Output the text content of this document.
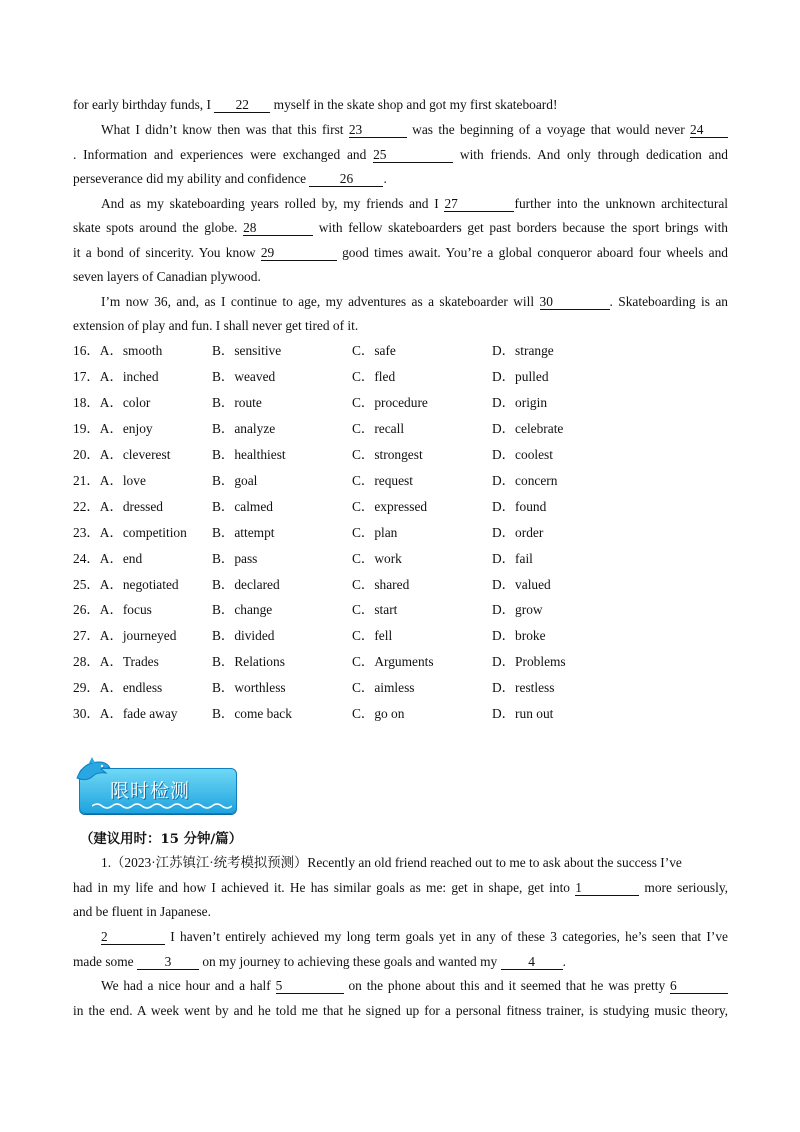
for early birthday funds, I 22 myself in the skate shop and got my first skateboard!
What I didn’t know then was that this first 23	was the beginning of a voyage that would never 24
. Information and experiences were exchanged and 25	with friends. And only through dedication and
perseverance did my ability and confidence 26 .
And as my skateboarding years rolled by, my friends and I 27	further into the unknown architectural
skate spots around the globe. 28	with fellow skateboarders get past borders because the sport brings with
it a bond of sincerity. You know 29	good times await. You’re a global conqueror aboard four wheels and
seven layers of Canadian plywood.
I’m now 36, and, as I continue to age, my adventures as a skateboarder will 30	. Skateboarding is an
extension of play and fun. I shall never get tired of it.
16．A．smooth	B．sensitive	C．safe	D．strange
17．A．inched	B．weaved	C．fled	D．pulled
18．A．color	B．route	C．procedure	D．origin
19．A．enjoy	B．analyze	C．recall	D．celebrate
20．A．cleverest	B．healthiest	C．strongest	D．coolest
21．A．love	B．goal	C．request	D．concern
22．A．dressed	B．calmed	C．expressed	D．found
23．A．competition B．attempt	C．plan	D．order
24．A．end	B．pass	C．work	D．fail
25．A．negotiated B．declared	C．shared	D．valued
26．A．focus	B．change	C．start	D．grow
27．A．journeyed	B．divided	C．fell	D．broke
28．A．Trades	B．Relations	C．Arguments	D．Problems
29．A．endless	B．worthless	C．aimless	D．restless
30．A．fade away	B．come back	C．go on	D．run out
限时检测
（建议用时：15 分钟/篇）
1.（2023·江苏镇江·统考模拟预测）Recently an old friend reached out to me to ask about the success I’ve
had in my life and how I achieved it. He has similar goals as me: get in shape, get into 1	more seriously,
and be fluent in Japanese.
2	I haven’t entirely achieved my long term goals yet in any of these 3 categories, he’s seen that I’ve
made some 3 on my journey to achieving these goals and wanted my 4 .
We had a nice hour and a half 5	on the phone about this and it seemed that he was pretty 6
in the end. A week went by and he told me that he signed up for a personal fitness trainer, is studying music theory,
